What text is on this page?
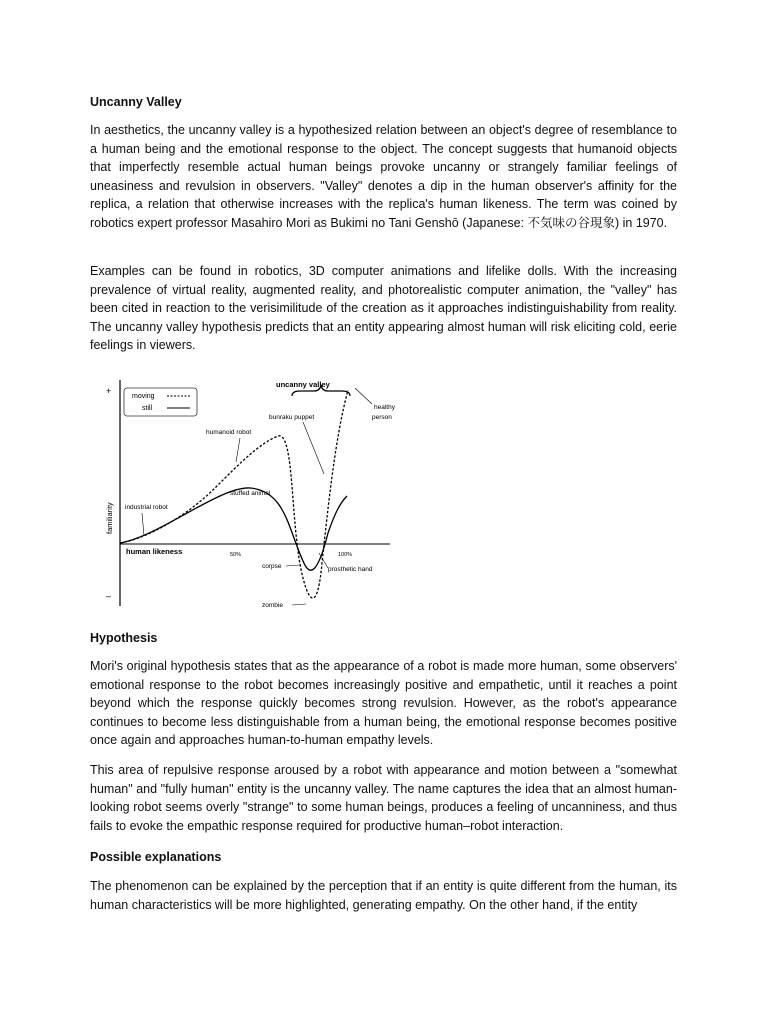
Uncanny Valley

In aesthetics, the uncanny valley is a hypothesized relation between an object's degree of resemblance to a human being and the emotional response to the object. The concept suggests that humanoid objects that imperfectly resemble actual human beings provoke uncanny or strangely familiar feelings of uneasiness and revulsion in observers. "Valley" denotes a dip in the human observer's affinity for the replica, a relation that otherwise increases with the replica's human likeness. The term was coined by robotics expert professor Masahiro Mori as Bukimi no Tani Genshō (Japanese: 不気味の谷現象) in 1970.

Examples can be found in robotics, 3D computer animations and lifelike dolls. With the increasing prevalence of virtual reality, augmented reality, and photorealistic computer animation, the "valley" has been cited in reaction to the verisimilitude of the creation as it approaches indistinguishability from reality. The uncanny valley hypothesis predicts that an entity appearing almost human will risk eliciting cold, eerie feelings in viewers.

Hypothesis

Mori's original hypothesis states that as the appearance of a robot is made more human, some observers' emotional response to the robot becomes increasingly positive and empathetic, until it reaches a point beyond which the response quickly becomes strong revulsion. However, as the robot's appearance continues to become less distinguishable from a human being, the emotional response becomes positive once again and approaches human-to-human empathy levels.

This area of repulsive response aroused by a robot with appearance and motion between a "somewhat human" and "fully human" entity is the uncanny valley. The name captures the idea that an almost human-looking robot seems overly "strange" to some human beings, produces a feeling of uncanniness, and thus fails to evoke the empathic response required for productive human–robot interaction.

Possible explanations

The phenomenon can be explained by the perception that if an entity is quite different from the human, its human characteristics will be more highlighted, generating empathy. On the other hand, if the entity

+
–
familiarity
human likeness	50%	100%
moving
still
uncanny valley
bunraku puppet
healthy
person
humanoid robot
stuffed animal
industrial robot
corpse	prosthetic hand
zombie
